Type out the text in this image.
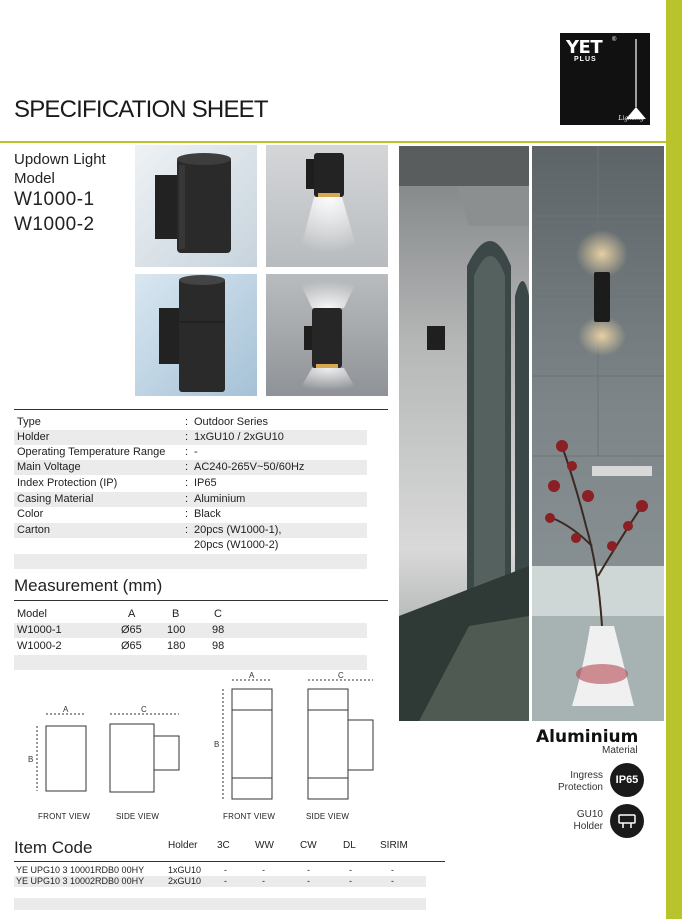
YET ®
PLUS
Lighting
SPECIFICATION SHEET
Updown Light
Model
W1000-1
W1000-2
Type	: Outdoor Series
Holder	: 1xGU10 / 2xGU10
Operating Temperature Range : -
Main Voltage	: AC240-265V~50/60Hz
Index Protection (IP)	: IP65
Casing Material	: Aluminium
Color	: Black
Carton	: 20pcs (W1000-1),
20pcs (W1000-2)
Measurement (mm)
Model	A	B	C
W1000-1	Ø65 100 98
W1000-2	Ø65 180 98
A
B
C
A
B
C
FRONT VIEW	SIDE VIEW	FRONT VIEW	SIDE VIEW
Aluminium
Material
Ingress
Protection
IP65
GU10
Holder
Item Code	Holder 3C	WW	CW	DL SIRIM
YE UPG10 3 10001RDB0 00HY	1xGU10	-	-	-	-	-
YE UPG10 3 10002RDB0 00HY	2xGU10	-	-	-	-	-
